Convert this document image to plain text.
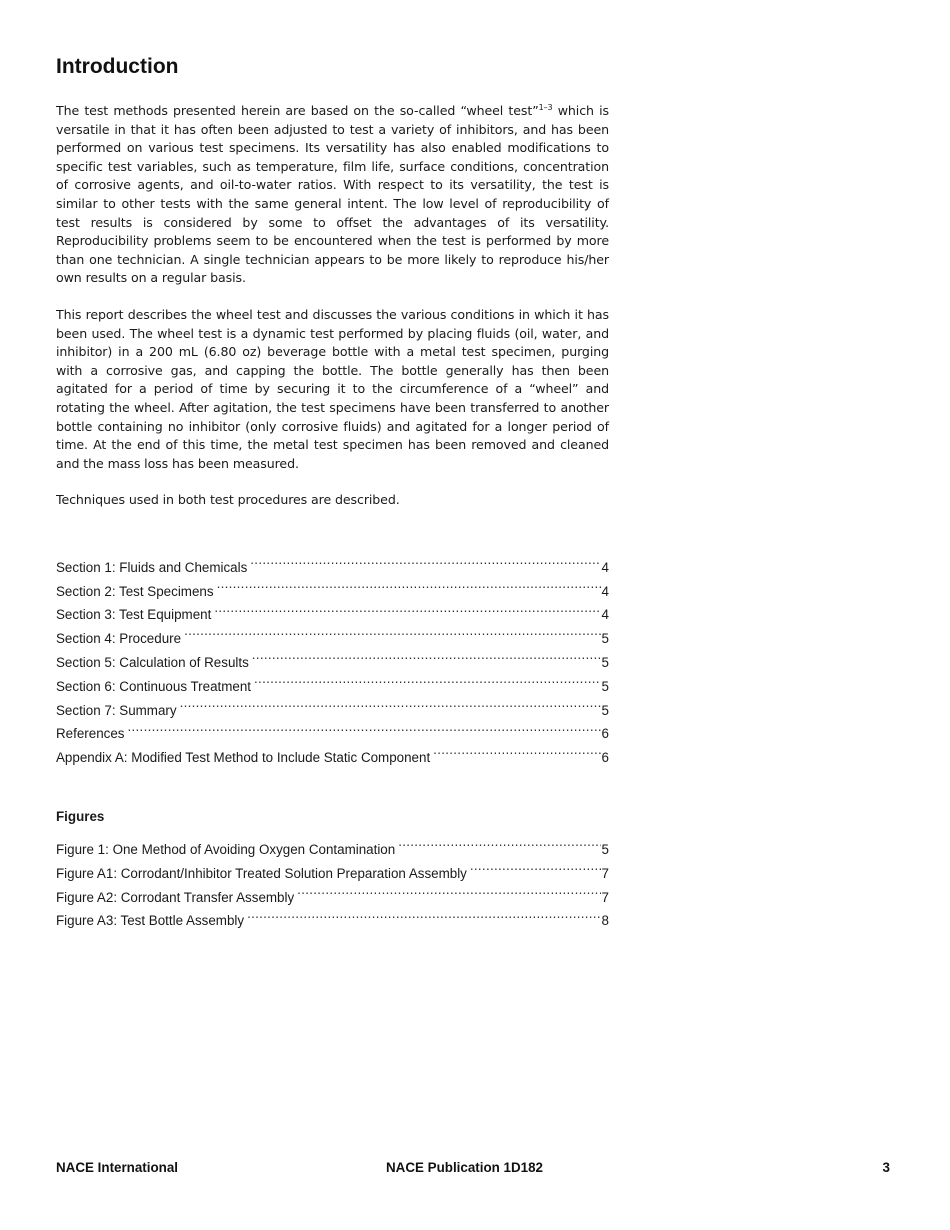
Introduction

The test methods presented herein are based on the so-called “wheel test”$^{1-3}$ which is versatile in that it has often been adjusted to test a variety of inhibitors, and has been performed on various test specimens. Its versatility has also enabled modifications to specific test variables, such as temperature, film life, surface conditions, concentration of corrosive agents, and oil-to-water ratios. With respect to its versatility, the test is similar to other tests with the same general intent. The low level of reproducibility of test results is considered by some to offset the advantages of its versatility. Reproducibility problems seem to be encountered when the test is performed by more than one technician. A single technician appears to be more likely to reproduce his/her own results on a regular basis.

This report describes the wheel test and discusses the various conditions in which it has been used. The wheel test is a dynamic test performed by placing fluids (oil, water, and inhibitor) in a 200 mL (6.80 oz) beverage bottle with a metal test specimen, purging with a corrosive gas, and capping the bottle. The bottle generally has then been agitated for a period of time by securing it to the circumference of a “wheel” and rotating the wheel. After agitation, the test specimens have been transferred to another bottle containing no inhibitor (only corrosive fluids) and agitated for a longer period of time. At the end of this time, the metal test specimen has been removed and cleaned and the mass loss has been measured.

Techniques used in both test procedures are described.

Section 1: Fluids and Chemicals .....	4
Section 2: Test Specimens .....	4
Section 3: Test Equipment .....	4
Section 4: Procedure .....	5
Section 5: Calculation of Results .....	5
Section 6: Continuous Treatment .....	5
Section 7: Summary .....	5
References .....	6
Appendix A: Modified Test Method to Include Static Component .....	6
Figures
Figure 1: One Method of Avoiding Oxygen Contamination .....	5
Figure A1: Corrodant/Inhibitor Treated Solution Preparation Assembly .....	7
Figure A2: Corrodant Transfer Assembly .....	7
Figure A3: Test Bottle Assembly .....	8
NACE International	NACE Publication 1D182	3
